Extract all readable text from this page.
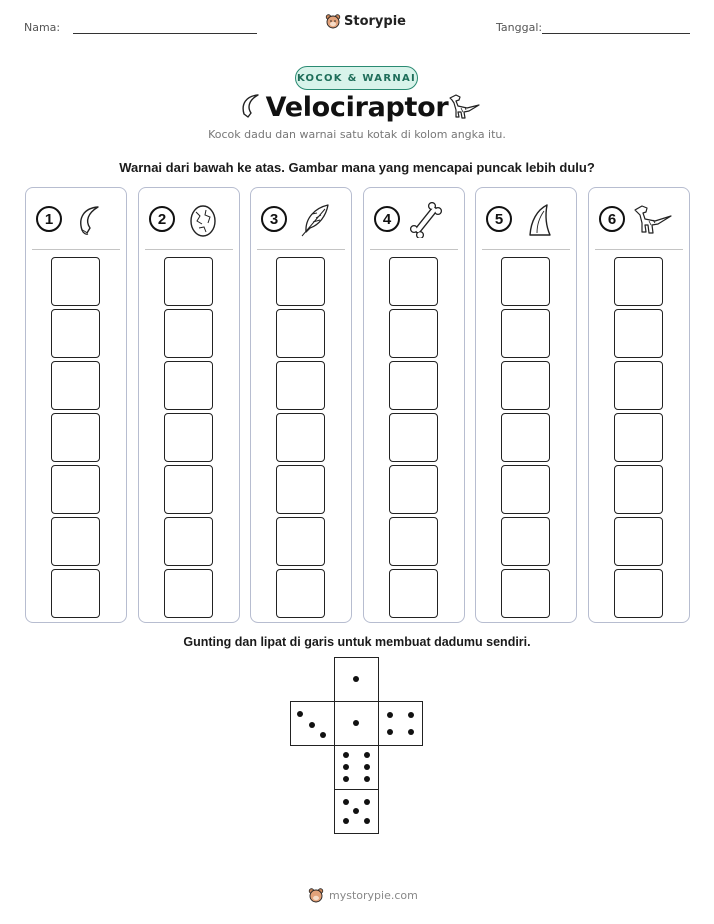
Nama:	Storypie	Tanggal:
KOCOK & WARNAI
Velociraptor
Kocok dadu dan warnai satu kotak di kolom angka itu.
Warnai dari bawah ke atas. Gambar mana yang mencapai puncak lebih dulu?
1	2	3	4	5	6
Gunting dan lipat di garis untuk membuat dadumu sendiri.
mystorypie.com
